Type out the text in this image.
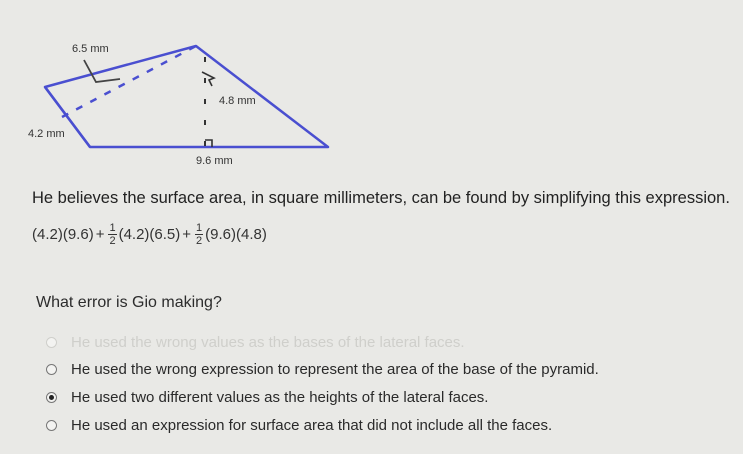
6.5 mm
4.8 mm
4.2 mm
9.6 mm
He believes the surface area, in square millimeters, can be found by simplifying this expression.
$(4.2)(9.6) + \frac{1}{2} (4.2)(6.5) + \frac{1}{2} (9.6)(4.8)$
What error is Gio making?
He used the wrong values as the bases of the lateral faces.
He used the wrong expression to represent the area of the base of the pyramid.
He used two different values as the heights of the lateral faces.
He used an expression for surface area that did not include all the faces.
